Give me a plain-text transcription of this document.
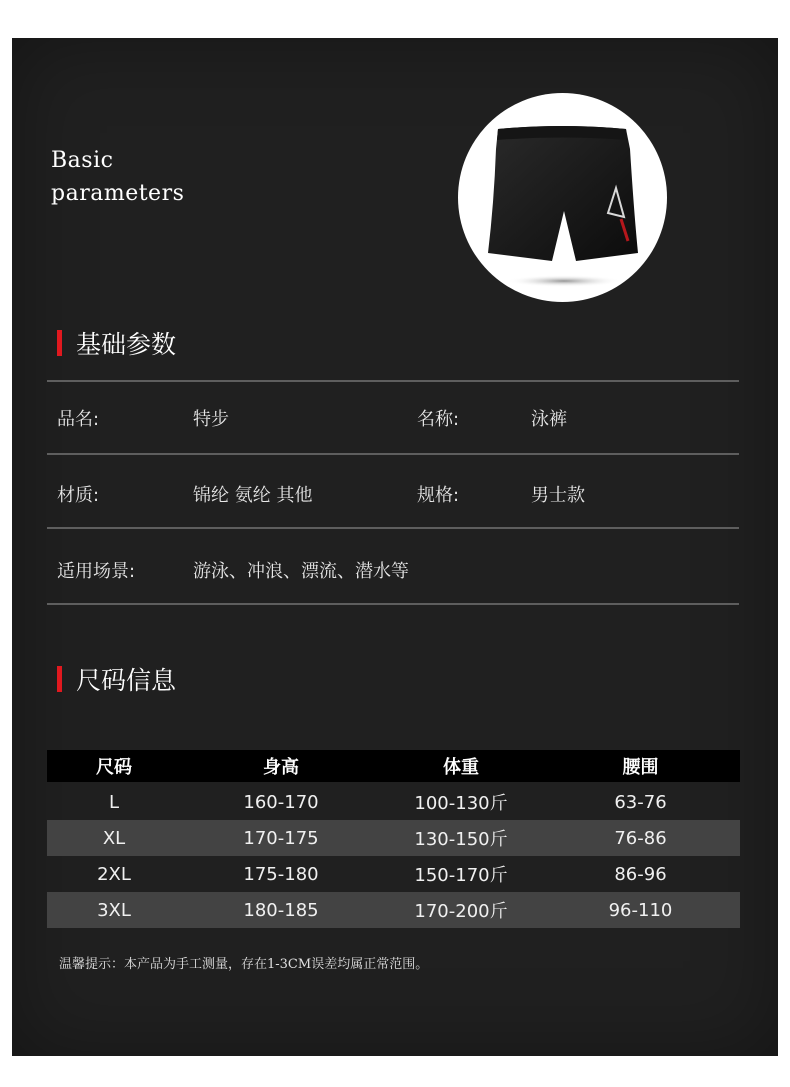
Basic
parameters
基础参数
品名:	特步	名称:	泳裤
材质:	锦纶 氨纶 其他	规格:	男士款
适用场景:	游泳、冲浪、漂流、潜水等
尺码信息
尺码	身高	体重	腰围
L	160-170	100-130斤	63-76
XL	170-175	130-150斤	76-86
2XL	175-180	150-170斤	86-96
3XL	180-185	170-200斤	96-110
温馨提示：本产品为手工测量，存在1-3CM误差均属正常范围。
